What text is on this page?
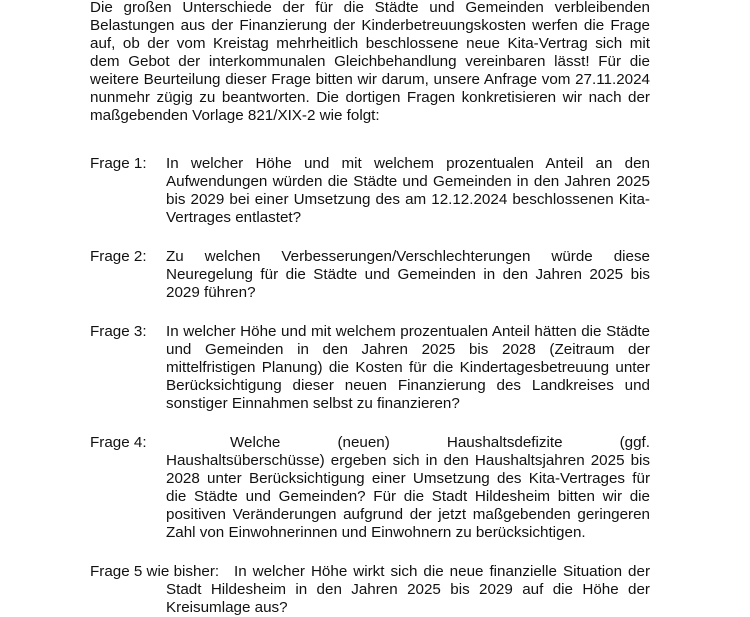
Die großen Unterschiede der für die Städte und Gemeinden verbleibenden Belastungen aus der Finanzierung der Kinderbetreuungskosten werfen die Frage auf, ob der vom Kreistag mehrheitlich beschlossene neue Kita-Vertrag sich mit dem Gebot der interkommunalen Gleichbehandlung vereinbaren lässt! Für die weitere Beurteilung dieser Frage bitten wir darum, unsere Anfrage vom 27.11.2024 nunmehr zügig zu beantworten. Die dortigen Fragen konkretisieren wir nach der maßgebenden Vorlage 821/XIX-2 wie folgt:

Frage 1:	In welcher Höhe und mit welchem prozentualen Anteil an den Aufwendungen würden die Städte und Gemeinden in den Jahren 2025 bis 2029 bei einer Umsetzung des am 12.12.2024 beschlossenen Kita-Vertrages entlastet?
Frage 2:	Zu welchen Verbesserungen/Verschlechterungen würde diese Neuregelung für die Städte und Gemeinden in den Jahren 2025 bis 2029 führen?
Frage 3:	In welcher Höhe und mit welchem prozentualen Anteil hätten die Städte und Gemeinden in den Jahren 2025 bis 2028 (Zeitraum der mittelfristigen Planung) die Kosten für die Kindertagesbetreuung unter Berücksichtigung dieser neuen Finanzierung des Landkreises und sonstiger Einnahmen selbst zu finanzieren?
Frage 4:	Welche (neuen) Haushaltsdefizite (ggf. Haushaltsüberschüsse) ergeben sich in den Haushaltsjahren 2025 bis 2028 unter Berücksichtigung einer Umsetzung des Kita-Vertrages für die Städte und Gemeinden? Für die Stadt Hildesheim bitten wir die positiven Veränderungen aufgrund der jetzt maßgebenden geringeren Zahl von Einwohnerinnen und Einwohnern zu berücksichtigen.
Frage 5 wie bisher: In welcher Höhe wirkt sich die neue finanzielle Situation der Stadt Hildesheim in den Jahren 2025 bis 2029 auf die Höhe der Kreisumlage aus?
